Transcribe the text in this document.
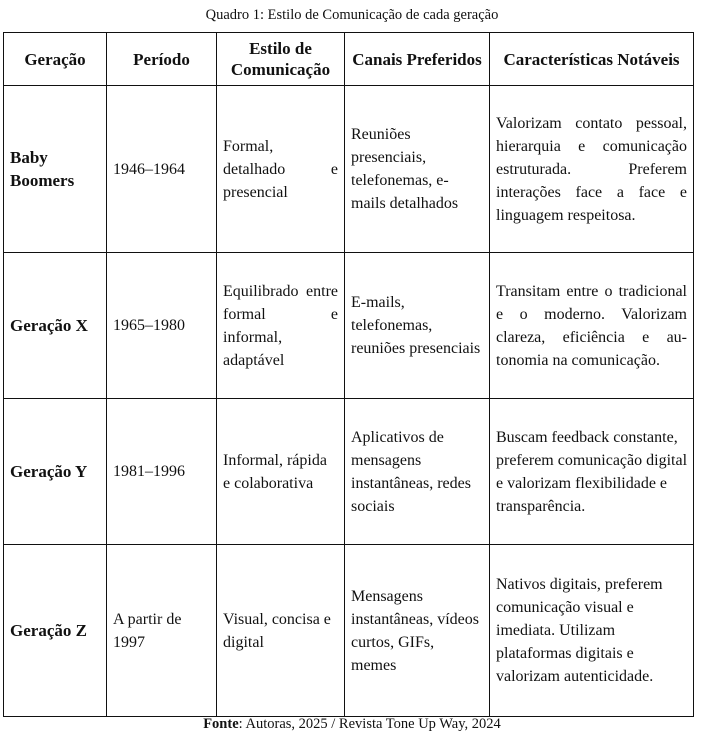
Quadro 1: Estilo de Comunicação de cada geração
Geração	Período	Estilo de Comunicação	Canais Preferidos	Características Notáveis
Baby Boomers	1946–1964	Formal, detalhado e presencial	Reuniões presenciais, telefonemas, e-mails detalhados	Valorizam contato pessoal, hierarquia e comunicação estruturada. Preferem interações face a face e linguagem respeitosa.
Geração X	1965–1980	Equilibrado entre formal e informal, adaptável	E-mails, telefonemas, reuniões presenciais	Transitam entre o tradicional e o moderno. Valorizam clareza, eficiência e autonomia na comunicação.
Geração Y	1981–1996	Informal, rápida e colaborativa	Aplicativos de mensagens instantâneas, redes sociais	Buscam feedback constante, preferem comunicação digital e valorizam flexibilidade e transparência.
Geração Z	A partir de 1997	Visual, concisa e digital	Mensagens instantâneas, vídeos curtos, GIFs, memes	Nativos digitais, preferem comunicação visual e imediata. Utilizam plataformas digitais e valorizam autenticidade.
Fonte: Autoras, 2025 / Revista Tone Up Way, 2024
